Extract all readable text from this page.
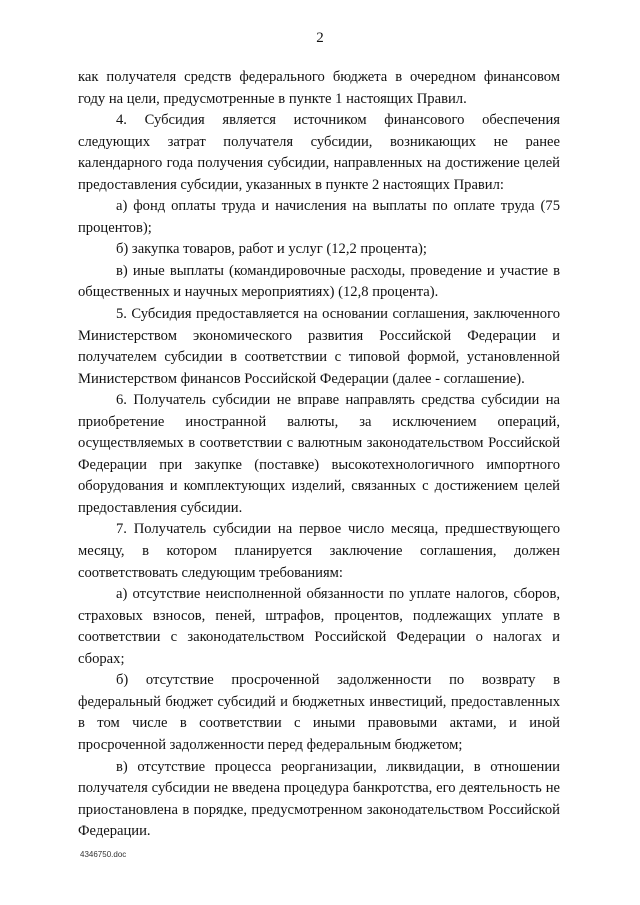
2

как получателя средств федерального бюджета в очередном финансовом году на цели, предусмотренные в пункте 1 настоящих Правил.

4. Субсидия является источником финансового обеспечения следующих затрат получателя субсидии, возникающих не ранее календарного года получения субсидии, направленных на достижение целей предоставления субсидии, указанных в пункте 2 настоящих Правил:

а) фонд оплаты труда и начисления на выплаты по оплате труда (75 процентов);

б) закупка товаров, работ и услуг (12,2 процента);

в) иные выплаты (командировочные расходы, проведение и участие в общественных и научных мероприятиях) (12,8 процента).

5. Субсидия предоставляется на основании соглашения, заключенного Министерством экономического развития Российской Федерации и получателем субсидии в соответствии с типовой формой, установленной Министерством финансов Российской Федерации (далее - соглашение).

6. Получатель субсидии не вправе направлять средства субсидии на приобретение иностранной валюты, за исключением операций, осуществляемых в соответствии с валютным законодательством Российской Федерации при закупке (поставке) высокотехнологичного импортного оборудования и комплектующих изделий, связанных с достижением целей предоставления субсидии.

7. Получатель субсидии на первое число месяца, предшествующего месяцу, в котором планируется заключение соглашения, должен соответствовать следующим требованиям:

а) отсутствие неисполненной обязанности по уплате налогов, сборов, страховых взносов, пеней, штрафов, процентов, подлежащих уплате в соответствии с законодательством Российской Федерации о налогах и сборах;

б) отсутствие просроченной задолженности по возврату в федеральный бюджет субсидий и бюджетных инвестиций, предоставленных в том числе в соответствии с иными правовыми актами, и иной просроченной задолженности перед федеральным бюджетом;

в) отсутствие процесса реорганизации, ликвидации, в отношении получателя субсидии не введена процедура банкротства, его деятельность не приостановлена в порядке, предусмотренном законодательством Российской Федерации.

4346750.doc
